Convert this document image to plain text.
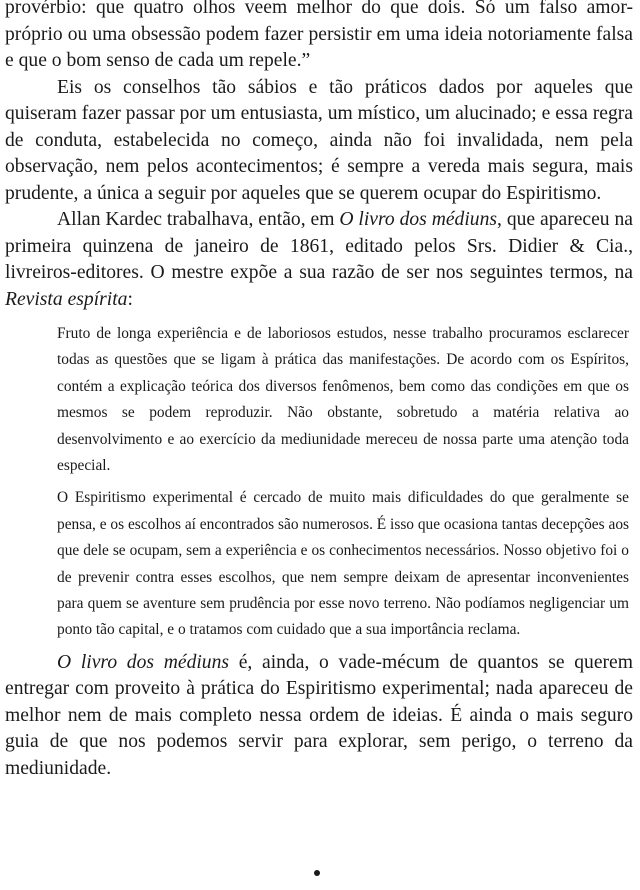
provérbio: que quatro olhos veem melhor do que dois. Só um falso amor-próprio ou uma obsessão podem fazer persistir em uma ideia notoriamente falsa e que o bom senso de cada um repele.”

Eis os conselhos tão sábios e tão práticos dados por aqueles que quiseram fazer passar por um entusiasta, um místico, um alucinado; e essa regra de conduta, estabelecida no começo, ainda não foi invalidada, nem pela observação, nem pelos acontecimentos; é sempre a vereda mais segura, mais prudente, a única a seguir por aqueles que se querem ocupar do Espiritismo.

Allan Kardec trabalhava, então, em O livro dos médiuns, que apareceu na primeira quinzena de janeiro de 1861, editado pelos Srs. Didier & Cia., livreiros-editores. O mestre expõe a sua razão de ser nos seguintes termos, na Revista espírita:

Fruto de longa experiência e de laboriosos estudos, nesse trabalho procuramos esclarecer todas as questões que se ligam à prática das manifestações. De acordo com os Espíritos, contém a explicação teórica dos diversos fenômenos, bem como das condições em que os mesmos se podem reproduzir. Não obstante, sobretudo a matéria relativa ao desenvolvimento e ao exercício da mediunidade mereceu de nossa parte uma atenção toda especial.

O Espiritismo experimental é cercado de muito mais dificuldades do que geralmente se pensa, e os escolhos aí encontrados são numerosos. É isso que ocasiona tantas decepções aos que dele se ocupam, sem a experiência e os conhecimentos necessários. Nosso objetivo foi o de prevenir contra esses escolhos, que nem sempre deixam de apresentar inconvenientes para quem se aventure sem prudência por esse novo terreno. Não podíamos negligenciar um ponto tão capital, e o tratamos com cuidado que a sua importância reclama.

O livro dos médiuns é, ainda, o vade-mécum de quantos se querem entregar com proveito à prática do Espiritismo experimental; nada apareceu de melhor nem de mais completo nessa ordem de ideias. É ainda o mais seguro guia de que nos podemos servir para explorar, sem perigo, o terreno da mediunidade.
